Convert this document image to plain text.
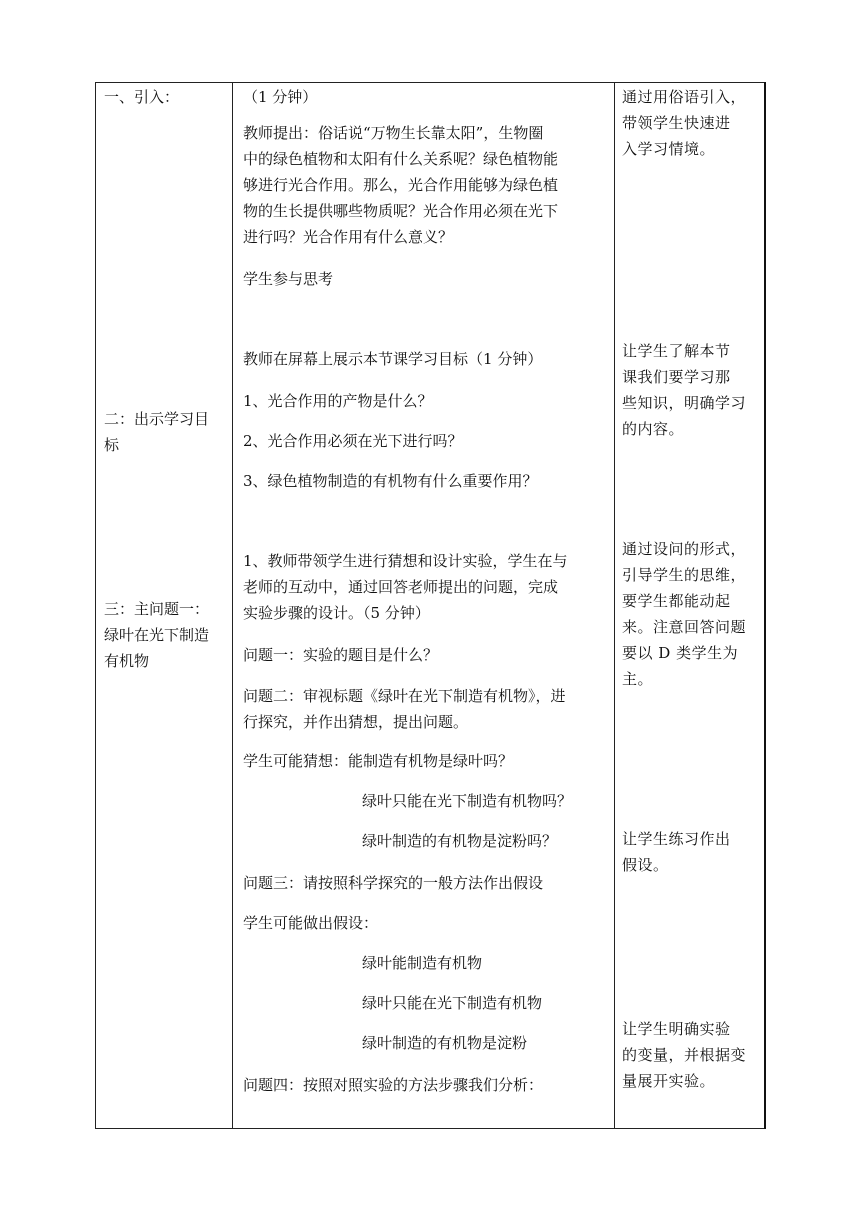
一、引入：	（1 分钟）
教师提出：俗话说“万物生长靠太阳”，生物圈
中的绿色植物和太阳有什么关系呢？绿色植物能
够进行光合作用。那么，光合作用能够为绿色植
物的生长提供哪些物质呢？光合作用必须在光下
进行吗？光合作用有什么意义？
学生参与思考
通过用俗语引入，
带领学生快速进
入学习情境。
二：出示学习目
标
教师在屏幕上展示本节课学习目标（1 分钟）
1、光合作用的产物是什么？
2、光合作用必须在光下进行吗？
3、绿色植物制造的有机物有什么重要作用？
让学生了解本节
课我们要学习那
些知识，明确学习
的内容。
三：主问题一：
绿叶在光下制造
有机物
1、教师带领学生进行猜想和设计实验，学生在与
老师的互动中，通过回答老师提出的问题，完成
实验步骤的设计。（5 分钟）
问题一：实验的题目是什么？
问题二：审视标题《绿叶在光下制造有机物》，进
行探究，并作出猜想，提出问题。
学生可能猜想：能制造有机物是绿叶吗？
绿叶只能在光下制造有机物吗？
绿叶制造的有机物是淀粉吗？
问题三：请按照科学探究的一般方法作出假设
学生可能做出假设：
绿叶能制造有机物
绿叶只能在光下制造有机物
绿叶制造的有机物是淀粉
问题四：按照对照实验的方法步骤我们分析：
通过设问的形式，
引导学生的思维，
要学生都能动起
来。注意回答问题
要以 D 类学生为
主。
让学生练习作出
假设。
让学生明确实验
的变量，并根据变
量展开实验。
